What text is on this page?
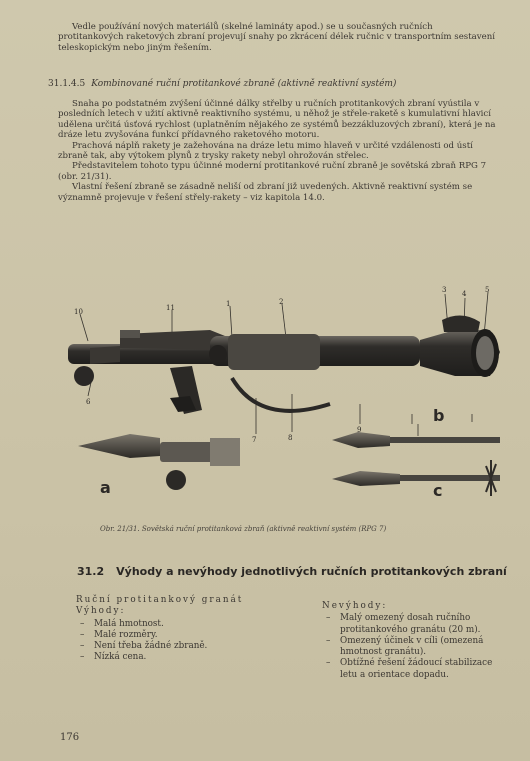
Vedle používání nových materiálů (skelné lamináty apod.) se u současných ručních protitankových raketových zbraní projevují snahy po zkrácení délek ručnic v transportním sestavení teleskopickým nebo jiným řešením.

31.1.4.5 Kombinované ruční protitankové zbraně (aktivně reaktivní systém)

Snaha po podstatném zvýšení účinné dálky střelby u ručních protitankových zbraní vyústila v posledních letech v užití aktivně reaktivního systému, u něhož je střele-raketě s kumulativní hlavicí udělena určitá úsťová rychlost (uplatněním nějakého ze systémů bezzákluzových zbraní), která je na dráze letu zvyšována funkcí přídavného raketového motoru.

Prachová náplň rakety je zažehována na dráze letu mimo hlaveň v určité vzdálenosti od ústí zbraně tak, aby výtokem plynů z trysky rakety nebyl ohrožován střelec.

Představitelem tohoto typu účinné moderní protitankové ruční zbraně je sovětská zbraň RPG 7 (obr. 21/31).

Vlastní řešení zbraně se zásadně neliší od zbraní již uvedených. Aktivně reaktivní systém se významně projevuje v řešení střely-rakety – viz kapitola 14.0.

10	11	1	2
3 4	5
6
7	8
9
a
b
c
Obr. 21/31. Sovětská ruční protitanková zbraň (aktivně reaktivní systém (RPG 7)
31.2 Výhody a nevýhody jednotlivých ručních protitankových zbraní
Ruční protitankový granát
Výhody:
– Malá hmotnost.
– Malé rozměry.
– Není třeba žádné zbraně.
– Nízká cena.
Nevýhody:
– Malý omezený dosah ručního protitankového granátu (20 m).
– Omezený účinek v cíli (omezená hmotnost granátu).
– Obtížné řešení žádoucí stabilizace letu a orientace dopadu.
176
